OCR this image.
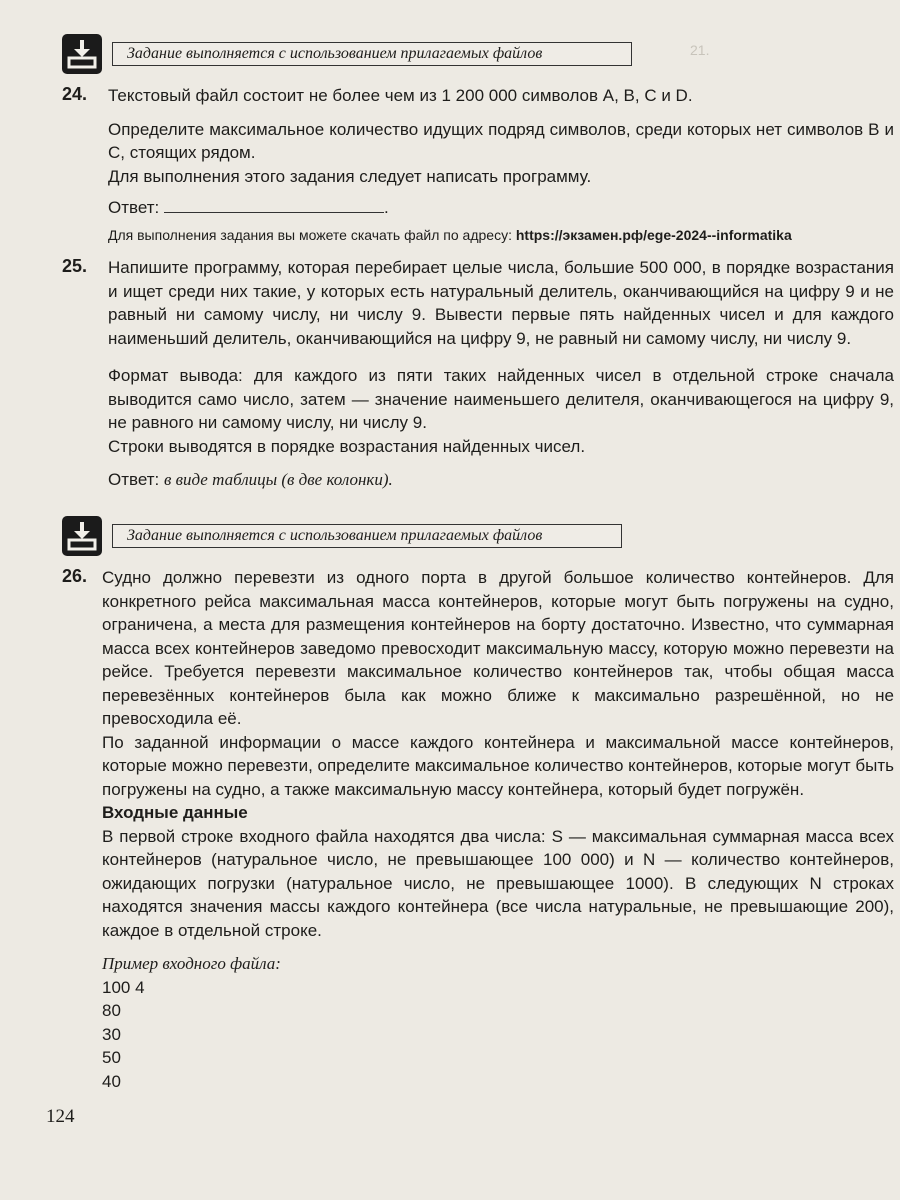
21.
Задание выполняется с использованием прилагаемых файлов
24. Текстовый файл состоит не более чем из 1 200 000 символов A, B, C и D.

Определите максимальное количество идущих подряд символов, среди которых нет символов B и C, стоящих рядом.

Для выполнения этого задания следует написать программу.

Ответ:	.

Для выполнения задания вы можете скачать файл по адресу: https://экзамен.рф/ege-2024--informatika

25. Напишите программу, которая перебирает целые числа, большие 500 000, в порядке возрастания и ищет среди них такие, у которых есть натуральный делитель, оканчивающийся на цифру 9 и не равный ни самому числу, ни числу 9. Вывести первые пять найденных чисел и для каждого наименьший делитель, оканчивающийся на цифру 9, не равный ни самому числу, ни числу 9.

Формат вывода: для каждого из пяти таких найденных чисел в отдельной строке сначала выводится само число, затем — значение наименьшего делителя, оканчивающегося на цифру 9, не равного ни самому числу, ни числу 9.

Строки выводятся в порядке возрастания найденных чисел.

Ответ: в виде таблицы (в две колонки).

Задание выполняется с использованием прилагаемых файлов
26. Судно должно перевезти из одного порта в другой большое количество контейнеров. Для конкретного рейса максимальная масса контейнеров, которые могут быть погружены на судно, ограничена, а места для размещения контейнеров на борту достаточно. Известно, что суммарная масса всех контейнеров заведомо превосходит максимальную массу, которую можно перевезти на рейсе. Требуется перевезти максимальное количество контейнеров так, чтобы общая масса перевезённых контейнеров была как можно ближе к максимально разрешённой, но не превосходила её.

По заданной информации о массе каждого контейнера и максимальной массе контейнеров, которые можно перевезти, определите максимальное количество контейнеров, которые могут быть погружены на судно, а также максимальную массу контейнера, который будет погружён.

Входные данные

В первой строке входного файла находятся два числа: S — максимальная суммарная масса всех контейнеров (натуральное число, не превышающее 100 000) и N — количество контейнеров, ожидающих погрузки (натуральное число, не превышающее 1000). В следующих N строках находятся значения массы каждого контейнера (все числа натуральные, не превышающие 200), каждое в отдельной строке.

Пример входного файла:

100 4
80
30
50
40
124
